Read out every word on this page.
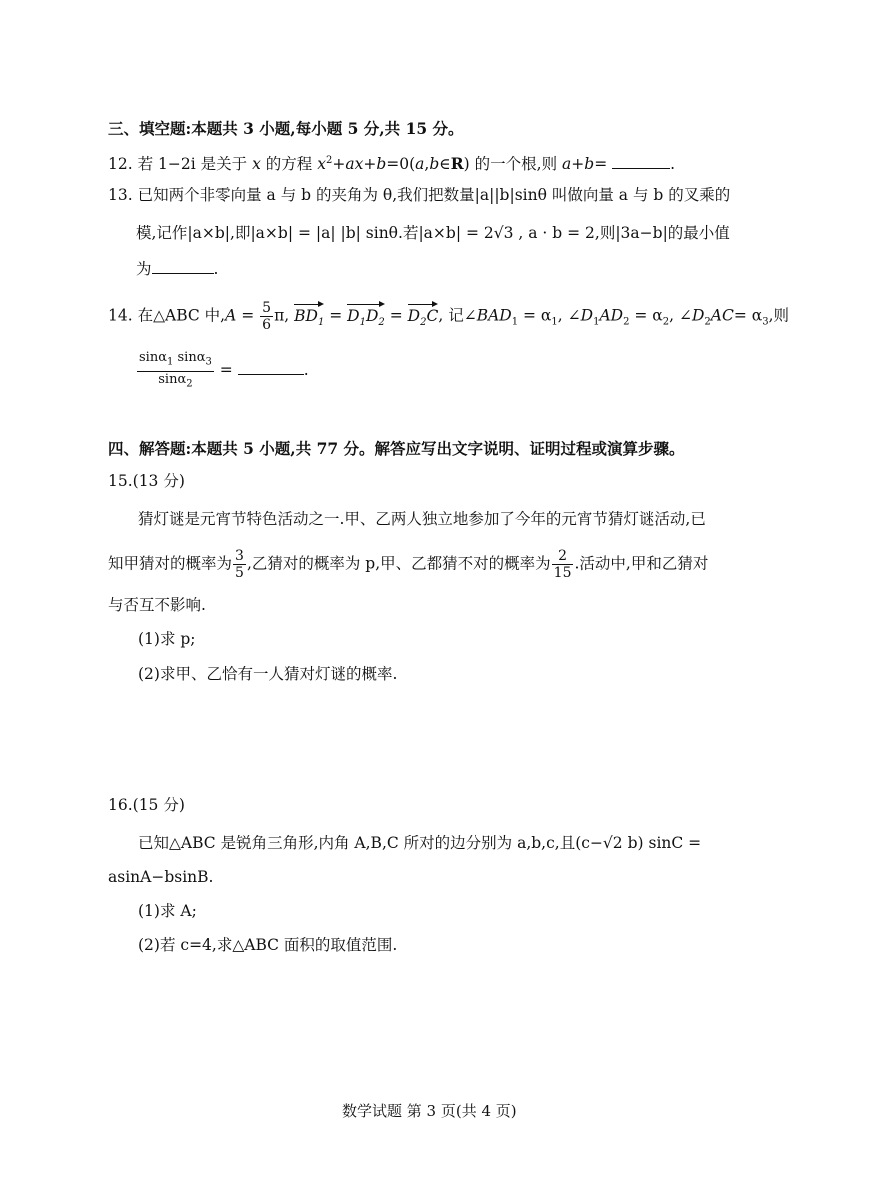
三、填空题:本题共 3 小题,每小题 5 分,共 15 分。
12. 若 1−2i 是关于 x 的方程 $x^2+ax+b=0(a,b\in R)$ 的一个根,则 a+b=	.
13. 已知两个非零向量 a 与 b 的夹角为 θ,我们把数量|a||b|sinθ 叫做向量 a 与 b 的叉乘的
模,记作|a×b|,即|a×b| = |a| |b| sinθ.若|a×b| = 2√3 , a · b = 2,则|3a−b|的最小值
为	.
14. 在△ABC 中$,A = \frac{5}{6} \pi$, $BD_1 = D_1D_2 = D_2C$, 记$\angle BAD_1 = \alpha_1$, $\angle D_1AD_2 = \alpha_2$, $\angle D_2AC= \alpha_3$,则
$\frac{\sin\alpha_1 \sin\alpha_3}{\sin\alpha_2}$ =	.
四、解答题:本题共 5 小题,共 77 分。解答应写出文字说明、证明过程或演算步骤。
15.(13 分)
猜灯谜是元宵节特色活动之一.甲、乙两人独立地参加了今年的元宵节猜灯谜活动,已
知甲猜对的概率为 $\frac{3}{5}$ ,乙猜对的概率为 p,甲、乙都猜不对的概率为 $\frac{2}{15}$ .活动中,甲和乙猜对
与否互不影响.
(1)求 p;
(2)求甲、乙恰有一人猜对灯谜的概率.
16.(15 分)
已知△ABC 是锐角三角形,内角 A,B,C 所对的边分别为 a,b,c,且(c−√2 b) sinC =
asinA−bsinB.
(1)求 A;
(2)若 c=4,求△ABC 面积的取值范围.
数学试题 第 3 页(共 4 页)
